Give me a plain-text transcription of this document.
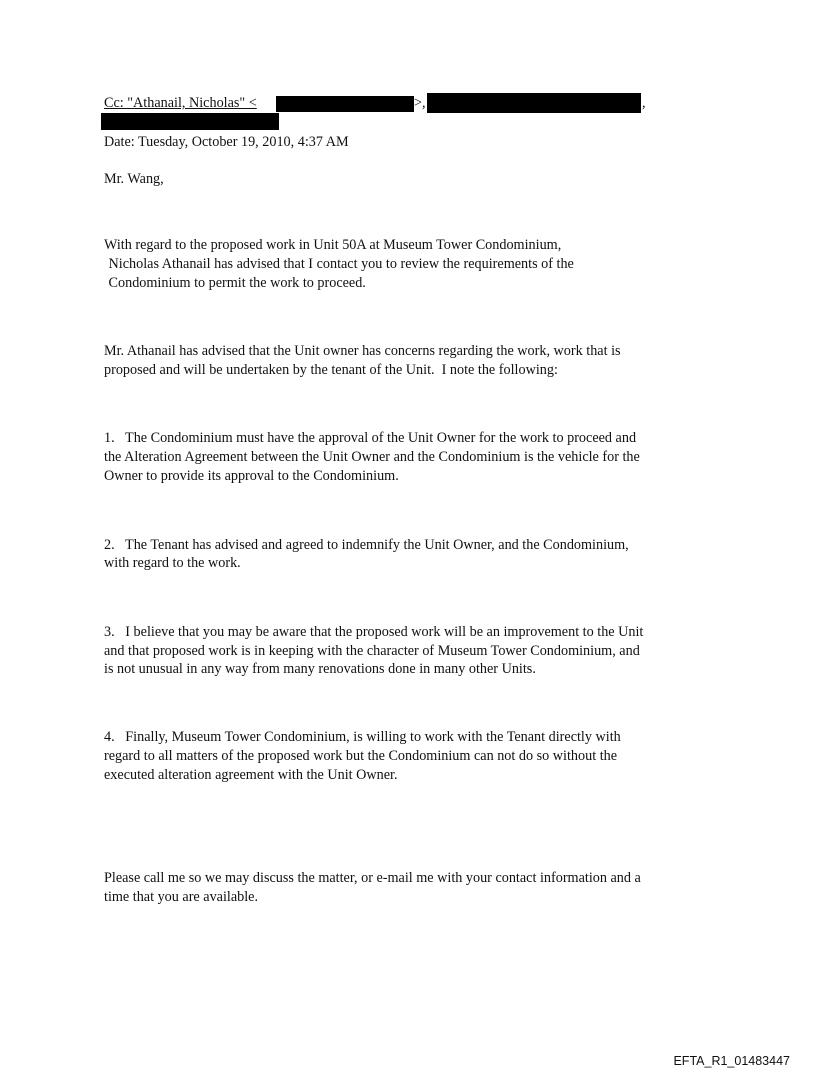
Cc: "Athanail, Nicholas" <	>,	,
Date: Tuesday, October 19, 2010, 4:37 AM
Mr. Wang,
With regard to the proposed work in Unit 50A at Museum Tower Condominium,
Nicholas Athanail has advised that I contact you to review the requirements of the
Condominium to permit the work to proceed.
Mr. Athanail has advised that the Unit owner has concerns regarding the work, work that is
proposed and will be undertaken by the tenant of the Unit.  I note the following:
1.   The Condominium must have the approval of the Unit Owner for the work to proceed and
the Alteration Agreement between the Unit Owner and the Condominium is the vehicle for the
Owner to provide its approval to the Condominium.
2.   The Tenant has advised and agreed to indemnify the Unit Owner, and the Condominium,
with regard to the work.
3.   I believe that you may be aware that the proposed work will be an improvement to the Unit
and that proposed work is in keeping with the character of Museum Tower Condominium, and
is not unusual in any way from many renovations done in many other Units.
4.   Finally, Museum Tower Condominium, is willing to work with the Tenant directly with
regard to all matters of the proposed work but the Condominium can not do so without the
executed alteration agreement with the Unit Owner.
Please call me so we may discuss the matter, or e-mail me with your contact information and a
time that you are available.
EFTA_R1_01483447
